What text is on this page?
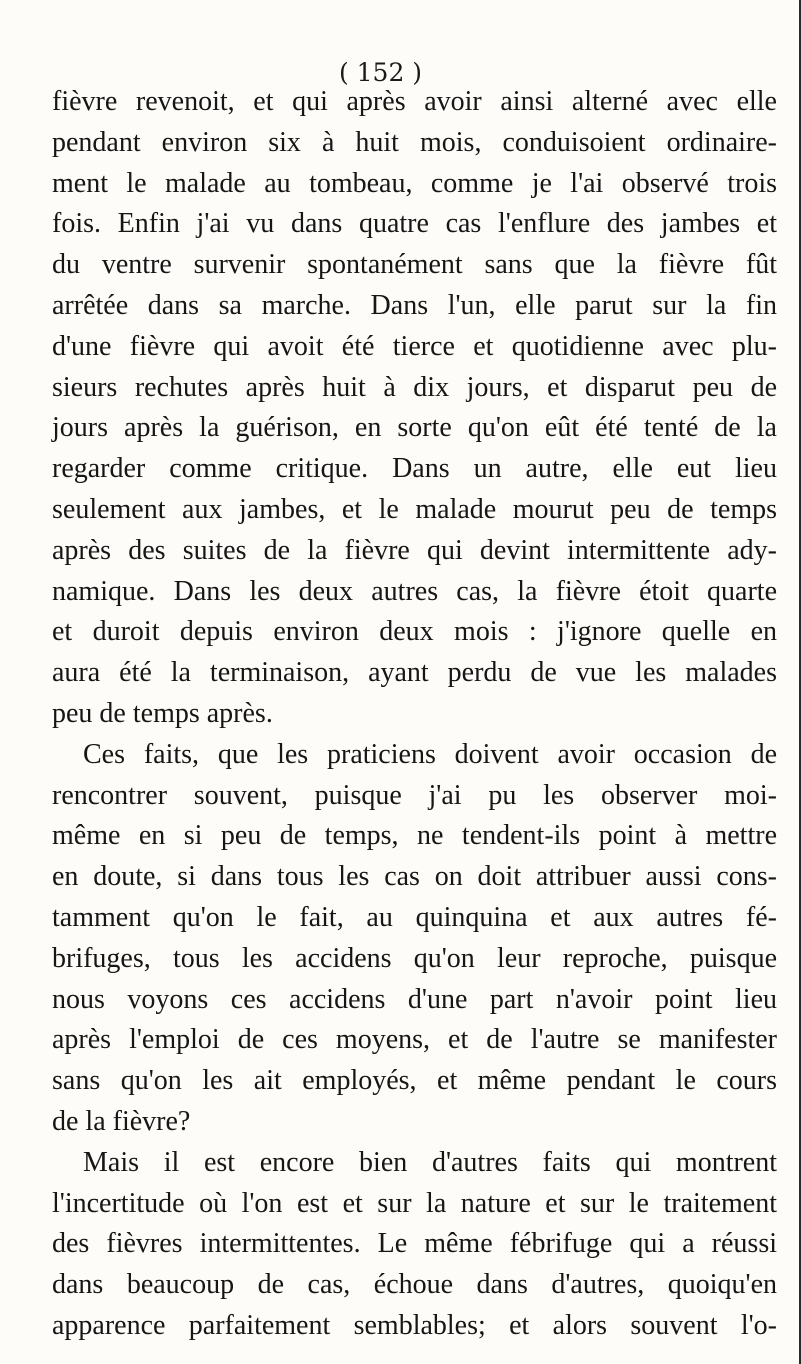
( 152 )
fièvre revenoit, et qui après avoir ainsi alterné avec elle
pendant environ six à huit mois, conduisoient ordinaire-
ment le malade au tombeau, comme je l'ai observé trois
fois. Enfin j'ai vu dans quatre cas l'enflure des jambes et
du ventre survenir spontanément sans que la fièvre fût
arrêtée dans sa marche. Dans l'un, elle parut sur la fin
d'une fièvre qui avoit été tierce et quotidienne avec plu-
sieurs rechutes après huit à dix jours, et disparut peu de
jours après la guérison, en sorte qu'on eût été tenté de la
regarder comme critique. Dans un autre, elle eut lieu
seulement aux jambes, et le malade mourut peu de temps
après des suites de la fièvre qui devint intermittente ady-
namique. Dans les deux autres cas, la fièvre étoit quarte
et duroit depuis environ deux mois : j'ignore quelle en
aura été la terminaison, ayant perdu de vue les malades
peu de temps après.
Ces faits, que les praticiens doivent avoir occasion de
rencontrer souvent, puisque j'ai pu les observer moi-
même en si peu de temps, ne tendent-ils point à mettre
en doute, si dans tous les cas on doit attribuer aussi cons-
tamment qu'on le fait, au quinquina et aux autres fé-
brifuges, tous les accidens qu'on leur reproche, puisque
nous voyons ces accidens d'une part n'avoir point lieu
après l'emploi de ces moyens, et de l'autre se manifester
sans qu'on les ait employés, et même pendant le cours
de la fièvre?
Mais il est encore bien d'autres faits qui montrent
l'incertitude où l'on est et sur la nature et sur le traitement
des fièvres intermittentes. Le même fébrifuge qui a réussi
dans beaucoup de cas, échoue dans d'autres, quoiqu'en
apparence parfaitement semblables; et alors souvent l'o-
